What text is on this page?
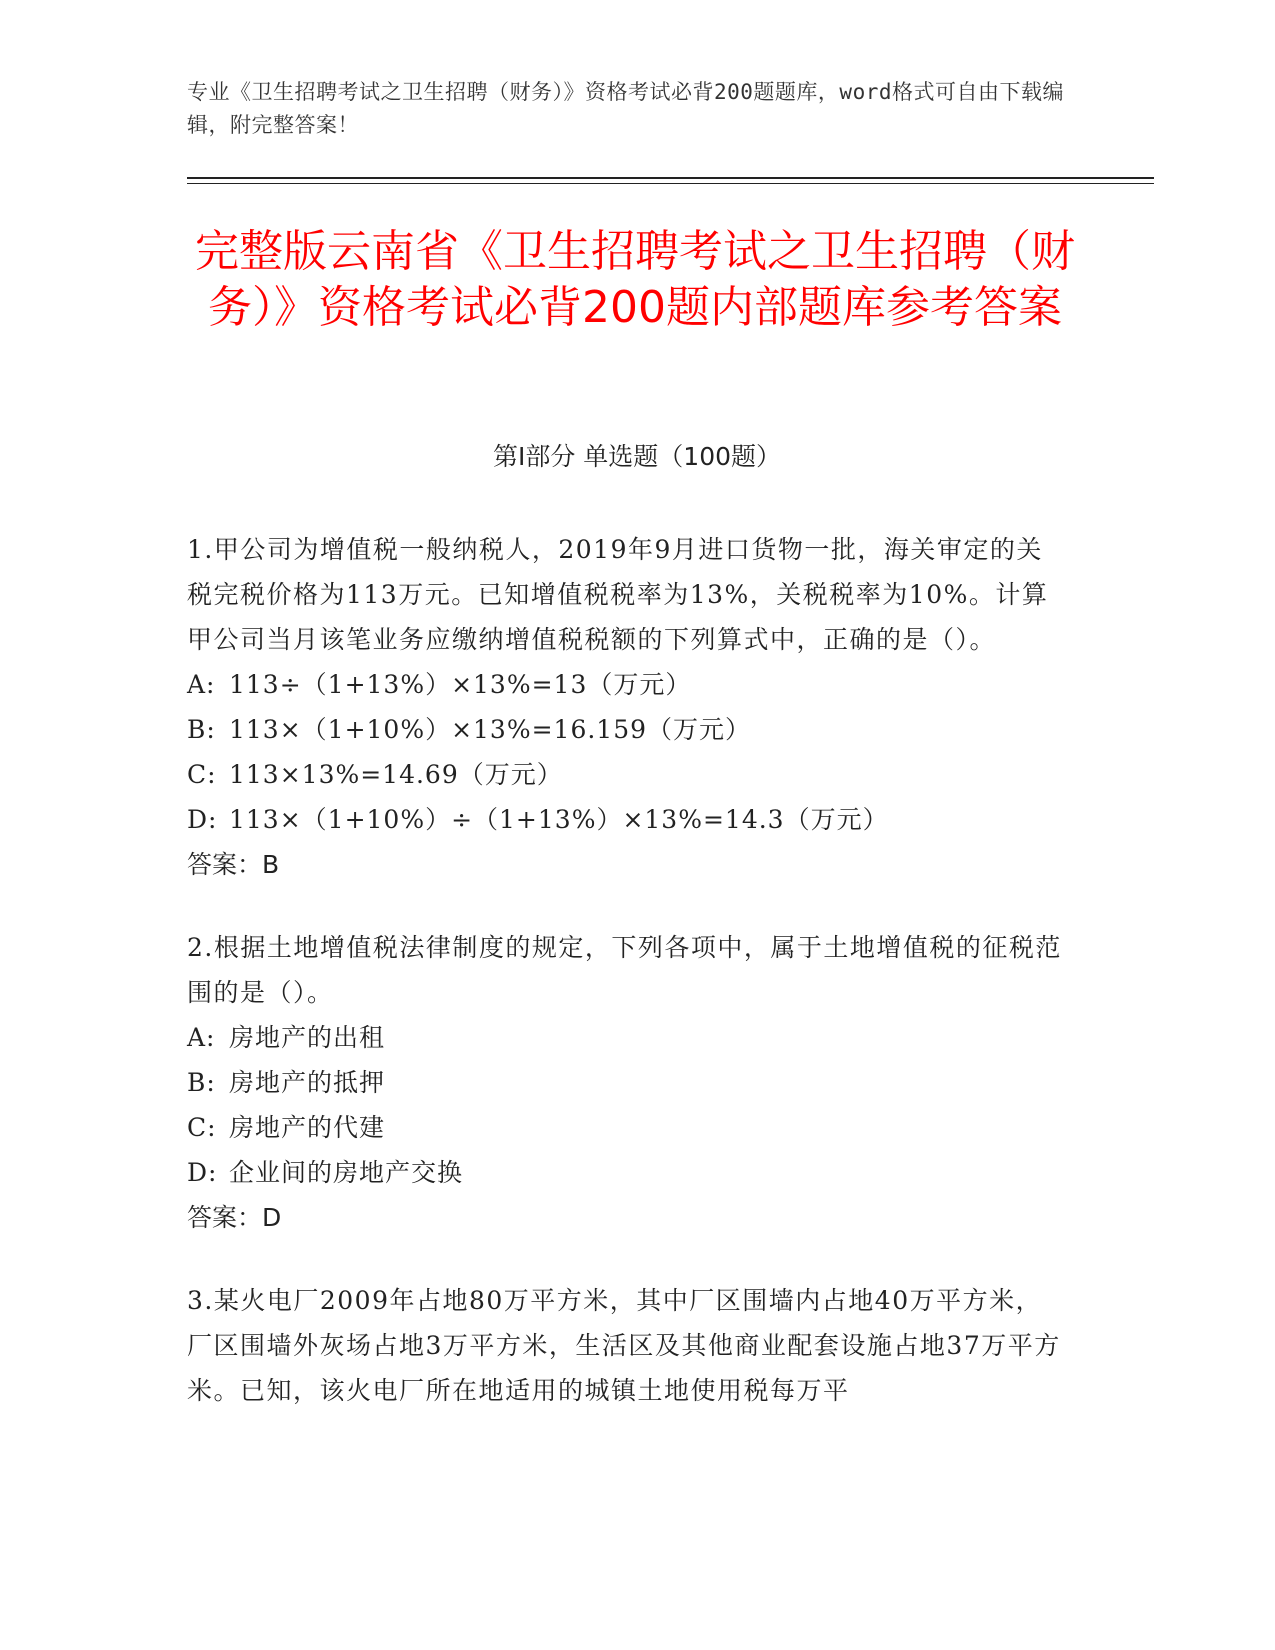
专业《卫生招聘考试之卫生招聘（财务）》资格考试必背200题题库，word格式可自由下载编辑，附完整答案！
完整版云南省《卫生招聘考试之卫生招聘（财务）》资格考试必背200题内部题库参考答案
第I部分 单选题（100题）

1.甲公司为增值税一般纳税人，2019年9月进口货物一批，海关审定的关税完税价格为113万元。已知增值税税率为13%，关税税率为10%。计算甲公司当月该笔业务应缴纳增值税税额的下列算式中，正确的是（）。

A: 113÷（1+13%）×13%=13（万元）

B: 113×（1+10%）×13%=16.159（万元）

C: 113×13%=14.69（万元）

D: 113×（1+10%）÷（1+13%）×13%=14.3（万元）

答案：B

2.根据土地增值税法律制度的规定，下列各项中，属于土地增值税的征税范围的是（）。

A: 房地产的出租

B: 房地产的抵押

C: 房地产的代建

D: 企业间的房地产交换

答案：D

3.某火电厂2009年占地80万平方米，其中厂区围墙内占地40万平方米，厂区围墙外灰场占地3万平方米，生活区及其他商业配套设施占地37万平方米。已知，该火电厂所在地适用的城镇土地使用税每万平
